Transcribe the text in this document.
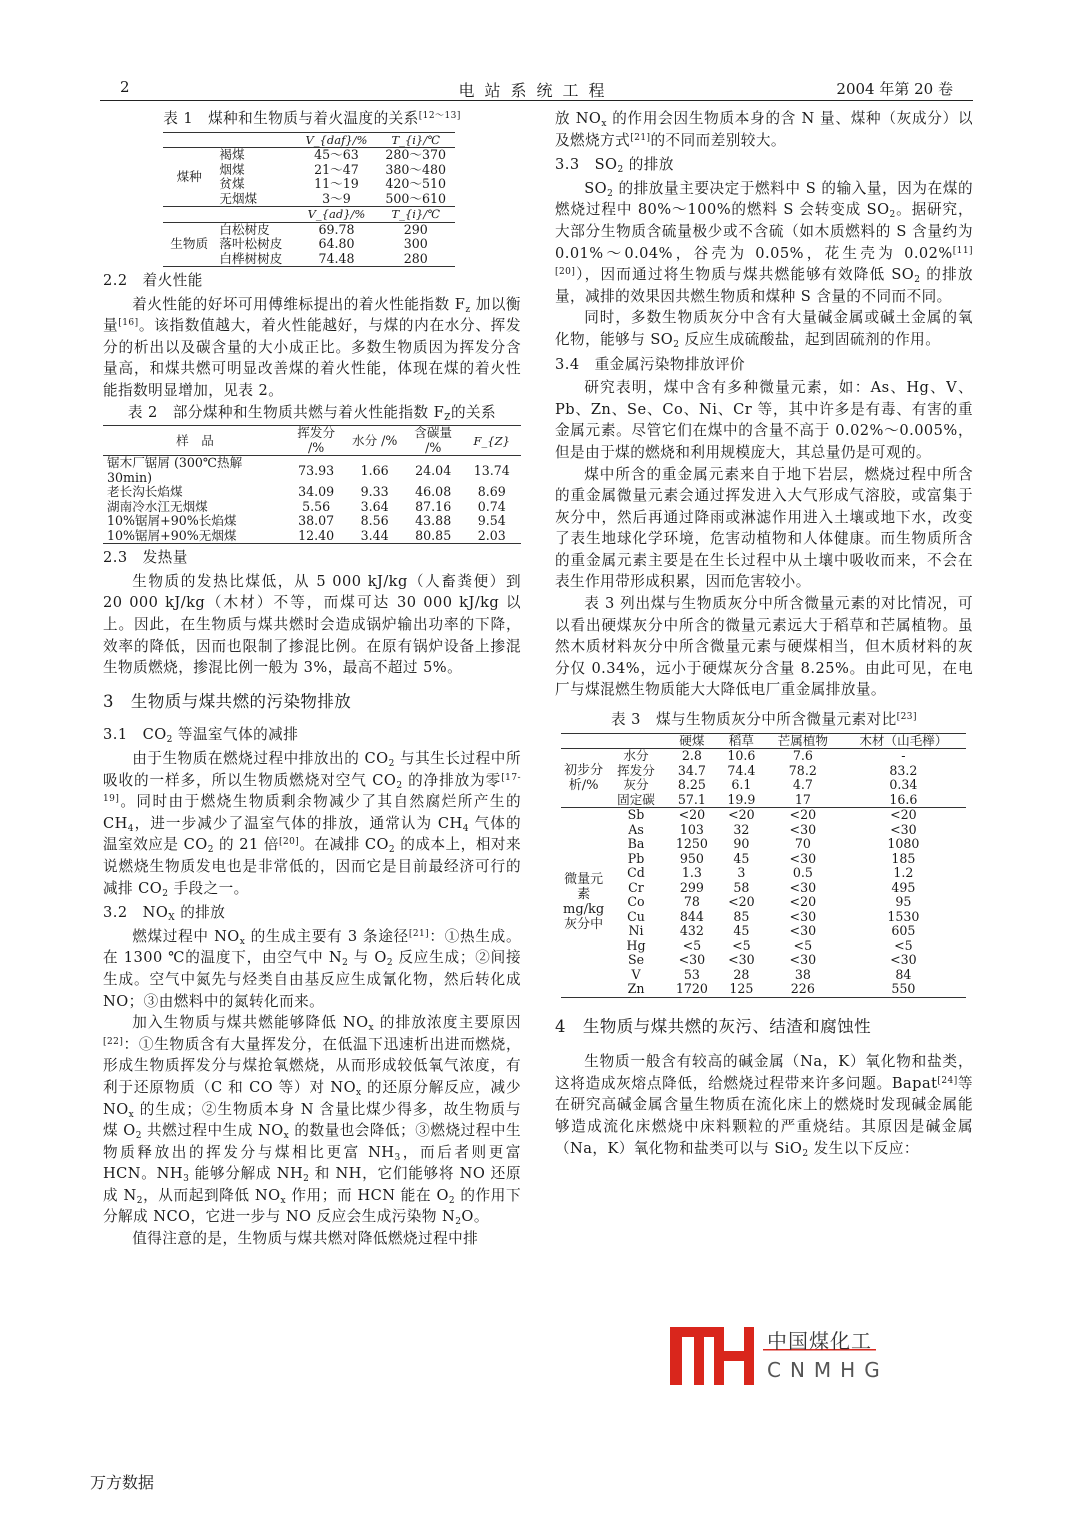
2	电站系统工程	2004 年第 20 卷
表 1　煤种和生物质与着火温度的关系[12～13]
		V_{daf}/%	T_{i}/℃
煤种	褐煤	45～63	280～370
	烟煤	21～47	380～480
	贫煤	11～19	420～510
	无烟煤	3～9	500～610
		V_{ad}/%	T_{i}/℃
生物质	白松树皮	69.78	290
	落叶松树皮	64.80	300
	白桦树树皮	74.48	280
2.2　着火性能

着火性能的好坏可用傅维标提出的着火性能指数 $F_z$ 加以衡量[16]。该指数值越大，着火性能越好，与煤的内在水分、挥发分的析出以及碳含量的大小成正比。多数生物质因为挥发分含量高，和煤共燃可明显改善煤的着火性能，体现在煤的着火性能指数明显增加，见表 2。

表 2　部分煤种和生物质共燃与着火性能指数 $F_Z$的关系
样　品	挥发分 /%	水分 /%	含碳量 /%	F_{Z}
锯木厂锯屑 (300℃热解 30min)	73.93	1.66	24.04	13.74
老长沟长焰煤	34.09	9.33	46.08	8.69
湖南冷水江无烟煤	5.56	3.64	87.16	0.74
10%锯屑+90%长焰煤	38.07	8.56	43.88	9.54
10%锯屑+90%无烟煤	12.40	3.44	80.85	2.03
2.3　发热量

生物质的发热比煤低，从 5 000 kJ/kg（人畜粪便）到 20 000 kJ/kg（木材）不等，而煤可达 30 000 kJ/kg 以上。因此，在生物质与煤共燃时会造成锅炉输出功率的下降，效率的降低，因而也限制了掺混比例。在原有锅炉设备上掺混生物质燃烧，掺混比例一般为 3%，最高不超过 5%。

3　生物质与煤共燃的污染物排放
3.1　$CO_2$ 等温室气体的减排

由于生物质在燃烧过程中排放出的 $CO_2$ 与其生长过程中所吸收的一样多，所以生物质燃烧对空气 $CO_2$ 的净排放为零[17-19]。同时由于燃烧生物质剩余物减少了其自然腐烂所产生的 $CH_4$，进一步减少了温室气体的排放，通常认为 $CH_4$ 气体的温室效应是 $CO_2$ 的 21 倍[20]。在减排 $CO_2$ 的成本上，相对来说燃烧生物质发电也是非常低的，因而它是目前最经济可行的减排 $CO_2$ 手段之一。

3.2　$NO_X$ 的排放

燃煤过程中 $NO_x$ 的生成主要有 3 条途径[21]：①热生成。在 1300 ℃的温度下，由空气中 $N_2$ 与 $O_2$ 反应生成；②间接生成。空气中氮先与烃类自由基反应生成氰化物，然后转化成 NO；③由燃料中的氮转化而来。

加入生物质与煤共燃能够降低 $NO_x$ 的排放浓度主要原因[22]：①生物质含有大量挥发分，在低温下迅速析出进而燃烧，形成生物质挥发分与煤抢氧燃烧，从而形成较低氧气浓度，有利于还原物质（C 和 CO 等）对 $NO_x$ 的还原分解反应，减少 $NO_x$ 的生成；②生物质本身 N 含量比煤少得多，故生物质与煤 $O_2$ 共燃过程中生成 $NO_x$ 的数量也会降低；③燃烧过程中生物质释放出的挥发分与煤相比更富 $NH_3$，而后者则更富 HCN。$NH_3$ 能够分解成 $NH_2$ 和 NH，它们能够将 NO 还原成 $N_2$，从而起到降低 $NO_x$ 作用；而 HCN 能在 $O_2$ 的作用下分解成 NCO，它进一步与 NO 反应会生成污染物 $N_2O$。

值得注意的是，生物质与煤共燃对降低燃烧过程中排

放 $NO_x$ 的作用会因生物质本身的含 N 量、煤种（灰成分）以及燃烧方式[21]的不同而差别较大。

3.3　$SO_2$ 的排放

$SO_2$ 的排放量主要决定于燃料中 S 的输入量，因为在煤的燃烧过程中 80%～100%的燃料 S 会转变成 $SO_2$。据研究，大部分生物质含硫量极少或不含硫（如木质燃料的 S 含量约为 0.01%～0.04%，谷壳为 0.05%，花生壳为 0.02%[11][20]），因而通过将生物质与煤共燃能够有效降低 $SO_2$ 的排放量，减排的效果因共燃生物质和煤种 S 含量的不同而不同。

同时，多数生物质灰分中含有大量碱金属或碱土金属的氧化物，能够与 $SO_2$ 反应生成硫酸盐，起到固硫剂的作用。

3.4　重金属污染物排放评价

研究表明，煤中含有多种微量元素，如：As、Hg、V、Pb、Zn、Se、Co、Ni、Cr 等，其中许多是有毒、有害的重金属元素。尽管它们在煤中的含量不高于 0.02%～0.005%，但是由于煤的燃烧和利用规模庞大，其总量仍是可观的。

煤中所含的重金属元素来自于地下岩层，燃烧过程中所含的重金属微量元素会通过挥发进入大气形成气溶胶，或富集于灰分中，然后再通过降雨或淋滤作用进入土壤或地下水，改变了表生地球化学环境，危害动植物和人体健康。而生物质所含的重金属元素主要是在生长过程中从土壤中吸收而来，不会在表生作用带形成积累，因而危害较小。

表 3 列出煤与生物质灰分中所含微量元素的对比情况，可以看出硬煤灰分中所含的微量元素远大于稻草和芒属植物。虽然木质材料灰分中所含微量元素与硬煤相当，但木质材料的灰分仅 0.34%，远小于硬煤灰分含量 8.25%。由此可见，在电厂与煤混燃生物质能大大降低电厂重金属排放量。

表 3　煤与生物质灰分中所含微量元素对比[23]
		硬煤	稻草	芒属植物	木材（山毛榉）
初步分析/%	水分	2.8	10.6	7.6	-
	挥发分	34.7	74.4	78.2	83.2
	灰分	8.25	6.1	4.7	0.34
	固定碳	57.1	19.9	17	16.6
微量元素mg/kg灰分中	Sb	<20	<20	<20	<20
	As	103	32	<30	<30
	Ba	1250	90	70	1080
	Pb	950	45	<30	185
	Cd	1.3	3	0.5	1.2
	Cr	299	58	<30	495
	Co	78	<20	<20	95
	Cu	844	85	<30	1530
	Ni	432	45	<30	605
	Hg	<5	<5	<5	<5
	Se	<30	<30	<30	<30
	V	53	28	38	84
	Zn	1720	125	226	550
4　生物质与煤共燃的灰污、结渣和腐蚀性

生物质一般含有较高的碱金属（Na，K）氧化物和盐类，这将造成灰熔点降低，给燃烧过程带来许多问题。Bapat[24]等在研究高碱金属含量生物质在流化床上的燃烧时发现碱金属能够造成流化床燃烧中床料颗粒的严重烧结。其原因是碱金属（Na，K）氧化物和盐类可以与 SiO$_2$ 发生以下反应：

中国煤化工
CNMHG
万方数据
